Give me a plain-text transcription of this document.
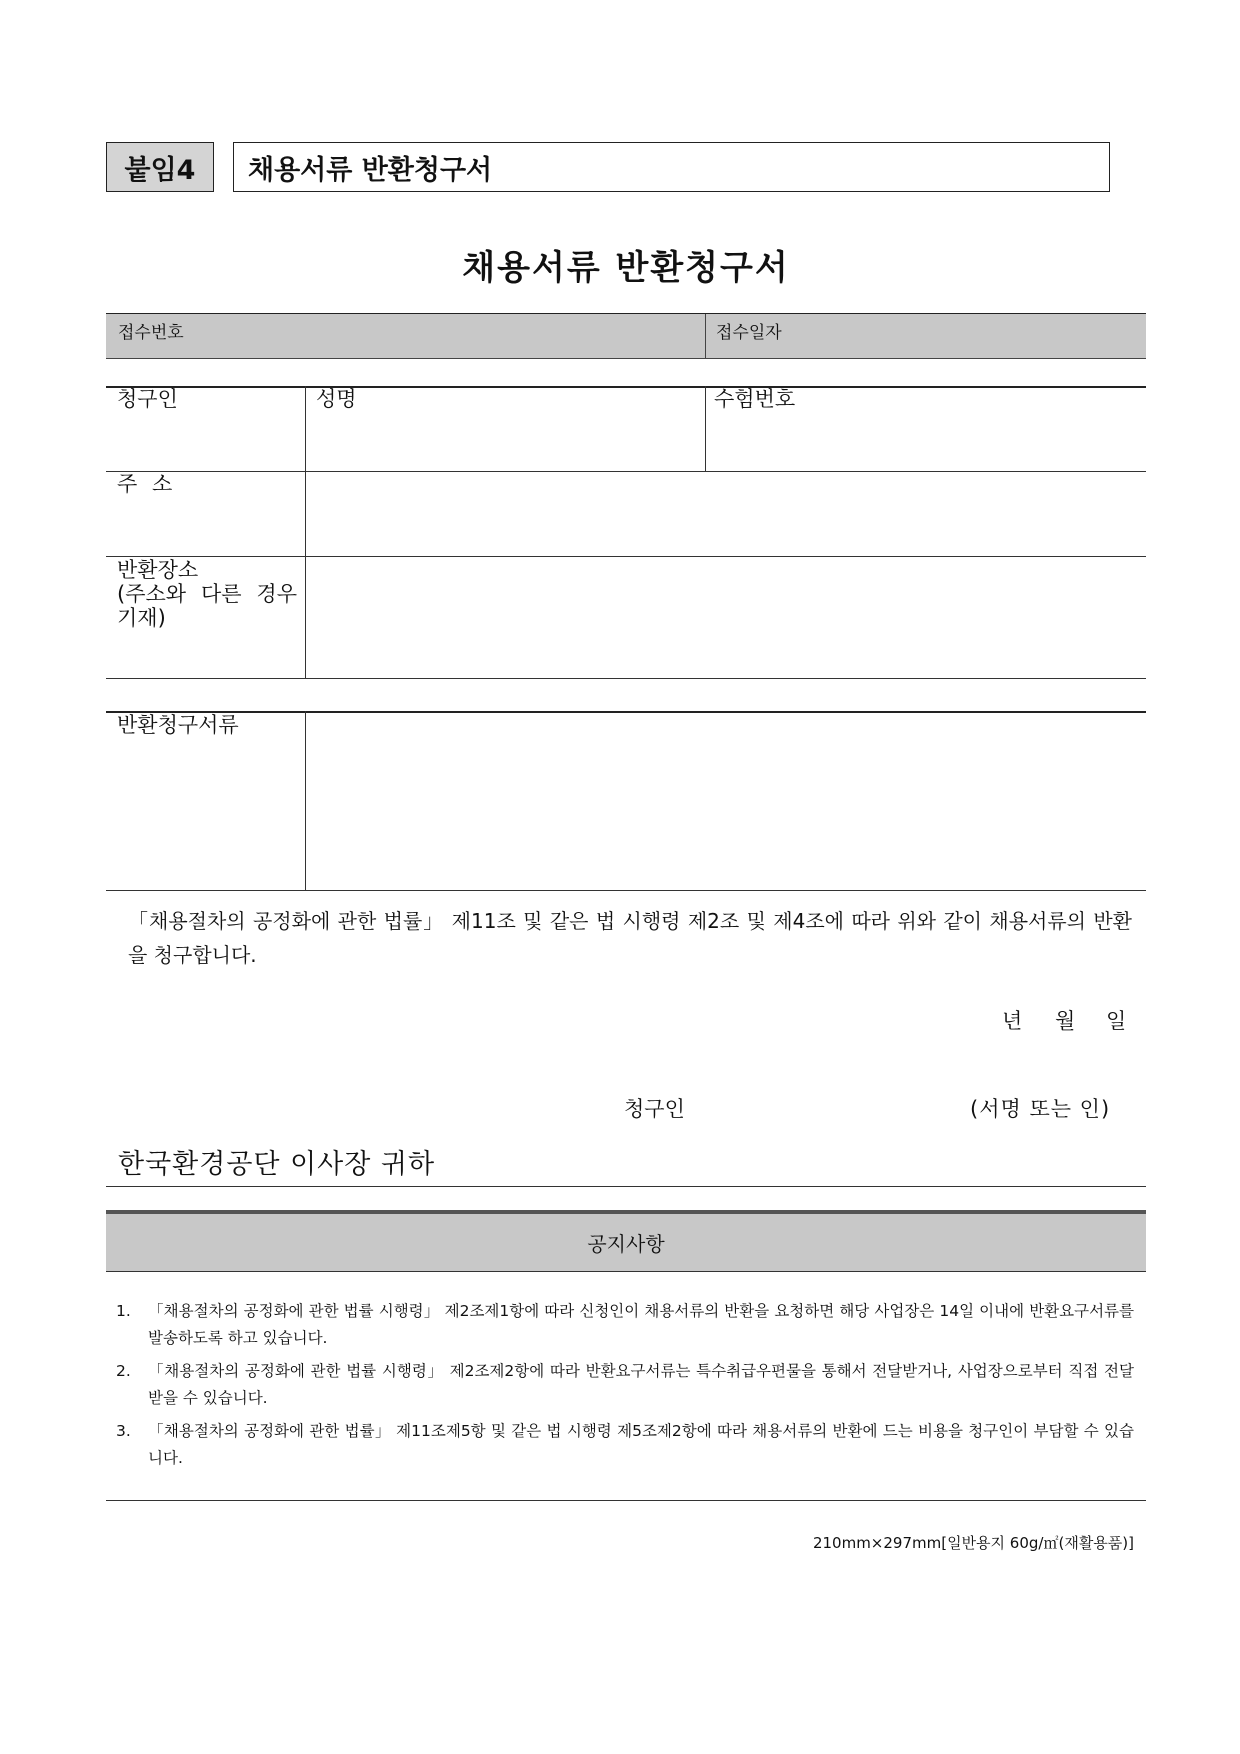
붙임4 채용서류 반환청구서
채용서류 반환청구서
접수번호	접수일자
청구인	성명	수험번호
주 소
반환장소
(주소와 다른 경우 기재)
반환청구서류
「채용절차의 공정화에 관한 법률」 제11조 및 같은 법 시행령 제2조 및 제4조에 따라 위와 같이 채용서류의 반환을 청구합니다.
년 월 일
청구인	(서명 또는 인)
한국환경공단 이사장 귀하
공지사항
1. 「채용절차의 공정화에 관한 법률 시행령」 제2조제1항에 따라 신청인이 채용서류의 반환을 요청하면 해당 사업장은 14일 이내에 반환요구서류를 발송하도록 하고 있습니다.
2. 「채용절차의 공정화에 관한 법률 시행령」 제2조제2항에 따라 반환요구서류는 특수취급우편물을 통해서 전달받거나, 사업장으로부터 직접 전달받을 수 있습니다.
3. 「채용절차의 공정화에 관한 법률」 제11조제5항 및 같은 법 시행령 제5조제2항에 따라 채용서류의 반환에 드는 비용을 청구인이 부담할 수 있습니다.
210mm×297mm[일반용지 60g/㎡(재활용품)]
